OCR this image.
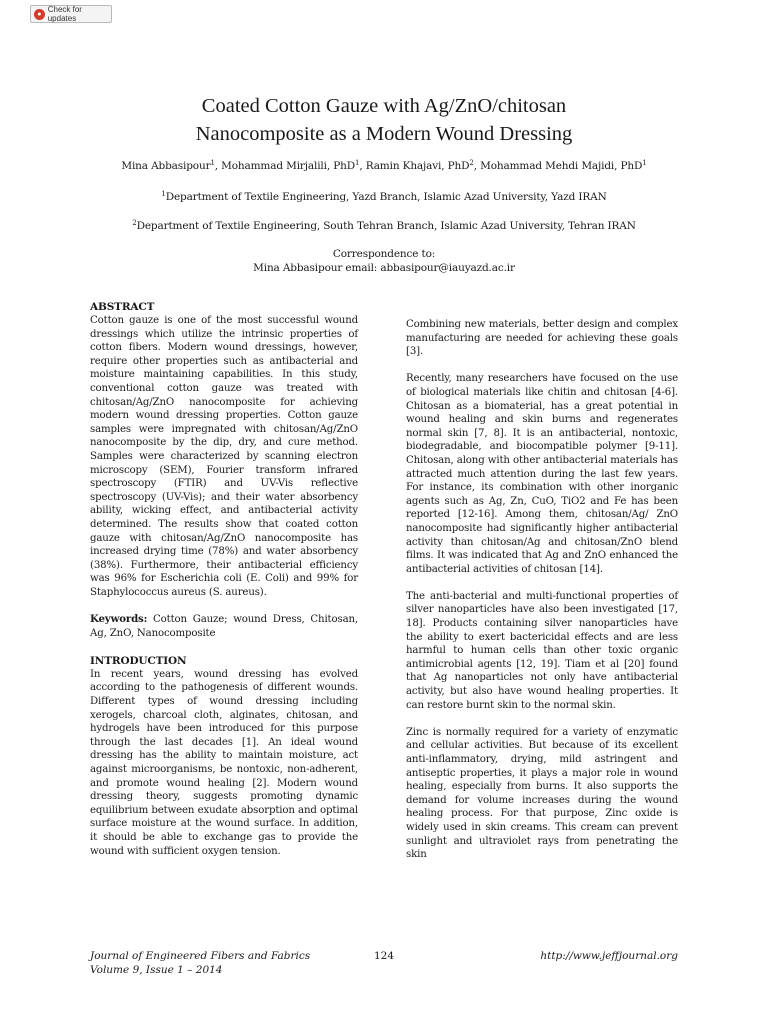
● Check for updates
Coated Cotton Gauze with Ag/ZnO/chitosan
Nanocomposite as a Modern Wound Dressing
Mina Abbasipour$^1$, Mohammad Mirjalili, PhD$^1$, Ramin Khajavi, PhD$^2$, Mohammad Mehdi Majidi, PhD$^1$
$^1$Department of Textile Engineering, Yazd Branch, Islamic Azad University, Yazd IRAN
$^2$Department of Textile Engineering, South Tehran Branch, Islamic Azad University, Tehran IRAN
Correspondence to:
Mina Abbasipour email: abbasipour@iauyazd.ac.ir

ABSTRACT

Cotton gauze is one of the most successful wound dressings which utilize the intrinsic properties of cotton fibers. Modern wound dressings, however, require other properties such as antibacterial and moisture maintaining capabilities. In this study, conventional cotton gauze was treated with chitosan/Ag/ZnO nanocomposite for achieving modern wound dressing properties. Cotton gauze samples were impregnated with chitosan/Ag/ZnO nanocomposite by the dip, dry, and cure method. Samples were characterized by scanning electron microscopy (SEM), Fourier transform infrared spectroscopy (FTIR) and UV-Vis reflective spectroscopy (UV-Vis); and their water absorbency ability, wicking effect, and antibacterial activity determined. The results show that coated cotton gauze with chitosan/Ag/ZnO nanocomposite has increased drying time (78%) and water absorbency (38%). Furthermore, their antibacterial efficiency was 96% for Escherichia coli (E. Coli) and 99% for Staphylococcus aureus (S. aureus).

Keywords: Cotton Gauze; wound Dress, Chitosan, Ag, ZnO, Nanocomposite

INTRODUCTION

In recent years, wound dressing has evolved according to the pathogenesis of different wounds. Different types of wound dressing including xerogels, charcoal cloth, alginates, chitosan, and hydrogels have been introduced for this purpose through the last decades [1]. An ideal wound dressing has the ability to maintain moisture, act against microorganisms, be nontoxic, non-adherent, and promote wound healing [2]. Modern wound dressing theory, suggests promoting dynamic equilibrium between exudate absorption and optimal surface moisture at the wound surface. In addition, it should be able to exchange gas to provide the wound with sufficient oxygen tension.

Combining new materials, better design and complex manufacturing are needed for achieving these goals [3].

Recently, many researchers have focused on the use of biological materials like chitin and chitosan [4-6]. Chitosan as a biomaterial, has a great potential in wound healing and skin burns and regenerates normal skin [7, 8]. It is an antibacterial, nontoxic, biodegradable, and biocompatible polymer [9-11]. Chitosan, along with other antibacterial materials has attracted much attention during the last few years. For instance, its combination with other inorganic agents such as Ag, Zn, CuO, TiO2 and Fe has been reported [12-16]. Among them, chitosan/Ag/ ZnO nanocomposite had significantly higher antibacterial activity than chitosan/Ag and chitosan/ZnO blend films. It was indicated that Ag and ZnO enhanced the antibacterial activities of chitosan [14].

The anti-bacterial and multi-functional properties of silver nanoparticles have also been investigated [17, 18]. Products containing silver nanoparticles have the ability to exert bactericidal effects and are less harmful to human cells than other toxic organic antimicrobial agents [12, 19]. Tiam et al [20] found that Ag nanoparticles not only have antibacterial activity, but also have wound healing properties. It can restore burnt skin to the normal skin.

Zinc is normally required for a variety of enzymatic and cellular activities. But because of its excellent anti-inflammatory, drying, mild astringent and antiseptic properties, it plays a major role in wound healing, especially from burns. It also supports the demand for volume increases during the wound healing process. For that purpose, Zinc oxide is widely used in skin creams. This cream can prevent sunlight and ultraviolet rays from penetrating the skin

Journal of Engineered Fibers and Fabrics
Volume 9, Issue 1 – 2014
124	http://www.jeffjournal.org
